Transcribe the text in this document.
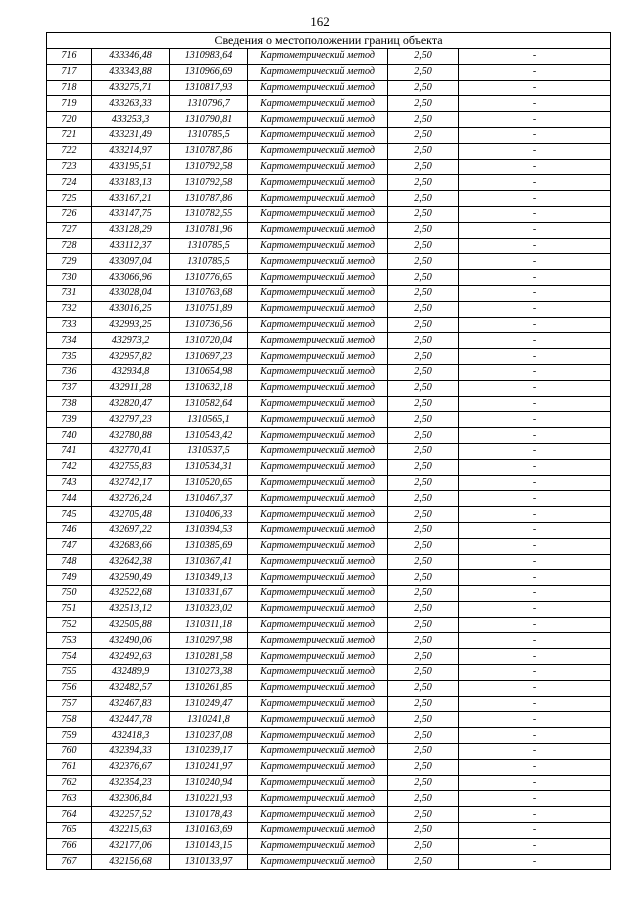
162
Сведения о местоположении границ объекта					
716	433346,48	1310983,64	Картометрический метод	2,50	-
717	433343,88	1310966,69	Картометрический метод	2,50	-
718	433275,71	1310817,93	Картометрический метод	2,50	-
719	433263,33	1310796,7	Картометрический метод	2,50	-
720	433253,3	1310790,81	Картометрический метод	2,50	-
721	433231,49	1310785,5	Картометрический метод	2,50	-
722	433214,97	1310787,86	Картометрический метод	2,50	-
723	433195,51	1310792,58	Картометрический метод	2,50	-
724	433183,13	1310792,58	Картометрический метод	2,50	-
725	433167,21	1310787,86	Картометрический метод	2,50	-
726	433147,75	1310782,55	Картометрический метод	2,50	-
727	433128,29	1310781,96	Картометрический метод	2,50	-
728	433112,37	1310785,5	Картометрический метод	2,50	-
729	433097,04	1310785,5	Картометрический метод	2,50	-
730	433066,96	1310776,65	Картометрический метод	2,50	-
731	433028,04	1310763,68	Картометрический метод	2,50	-
732	433016,25	1310751,89	Картометрический метод	2,50	-
733	432993,25	1310736,56	Картометрический метод	2,50	-
734	432973,2	1310720,04	Картометрический метод	2,50	-
735	432957,82	1310697,23	Картометрический метод	2,50	-
736	432934,8	1310654,98	Картометрический метод	2,50	-
737	432911,28	1310632,18	Картометрический метод	2,50	-
738	432820,47	1310582,64	Картометрический метод	2,50	-
739	432797,23	1310565,1	Картометрический метод	2,50	-
740	432780,88	1310543,42	Картометрический метод	2,50	-
741	432770,41	1310537,5	Картометрический метод	2,50	-
742	432755,83	1310534,31	Картометрический метод	2,50	-
743	432742,17	1310520,65	Картометрический метод	2,50	-
744	432726,24	1310467,37	Картометрический метод	2,50	-
745	432705,48	1310406,33	Картометрический метод	2,50	-
746	432697,22	1310394,53	Картометрический метод	2,50	-
747	432683,66	1310385,69	Картометрический метод	2,50	-
748	432642,38	1310367,41	Картометрический метод	2,50	-
749	432590,49	1310349,13	Картометрический метод	2,50	-
750	432522,68	1310331,67	Картометрический метод	2,50	-
751	432513,12	1310323,02	Картометрический метод	2,50	-
752	432505,88	1310311,18	Картометрический метод	2,50	-
753	432490,06	1310297,98	Картометрический метод	2,50	-
754	432492,63	1310281,58	Картометрический метод	2,50	-
755	432489,9	1310273,38	Картометрический метод	2,50	-
756	432482,57	1310261,85	Картометрический метод	2,50	-
757	432467,83	1310249,47	Картометрический метод	2,50	-
758	432447,78	1310241,8	Картометрический метод	2,50	-
759	432418,3	1310237,08	Картометрический метод	2,50	-
760	432394,33	1310239,17	Картометрический метод	2,50	-
761	432376,67	1310241,97	Картометрический метод	2,50	-
762	432354,23	1310240,94	Картометрический метод	2,50	-
763	432306,84	1310221,93	Картометрический метод	2,50	-
764	432257,52	1310178,43	Картометрический метод	2,50	-
765	432215,63	1310163,69	Картометрический метод	2,50	-
766	432177,06	1310143,15	Картометрический метод	2,50	-
767	432156,68	1310133,97	Картометрический метод	2,50	-
